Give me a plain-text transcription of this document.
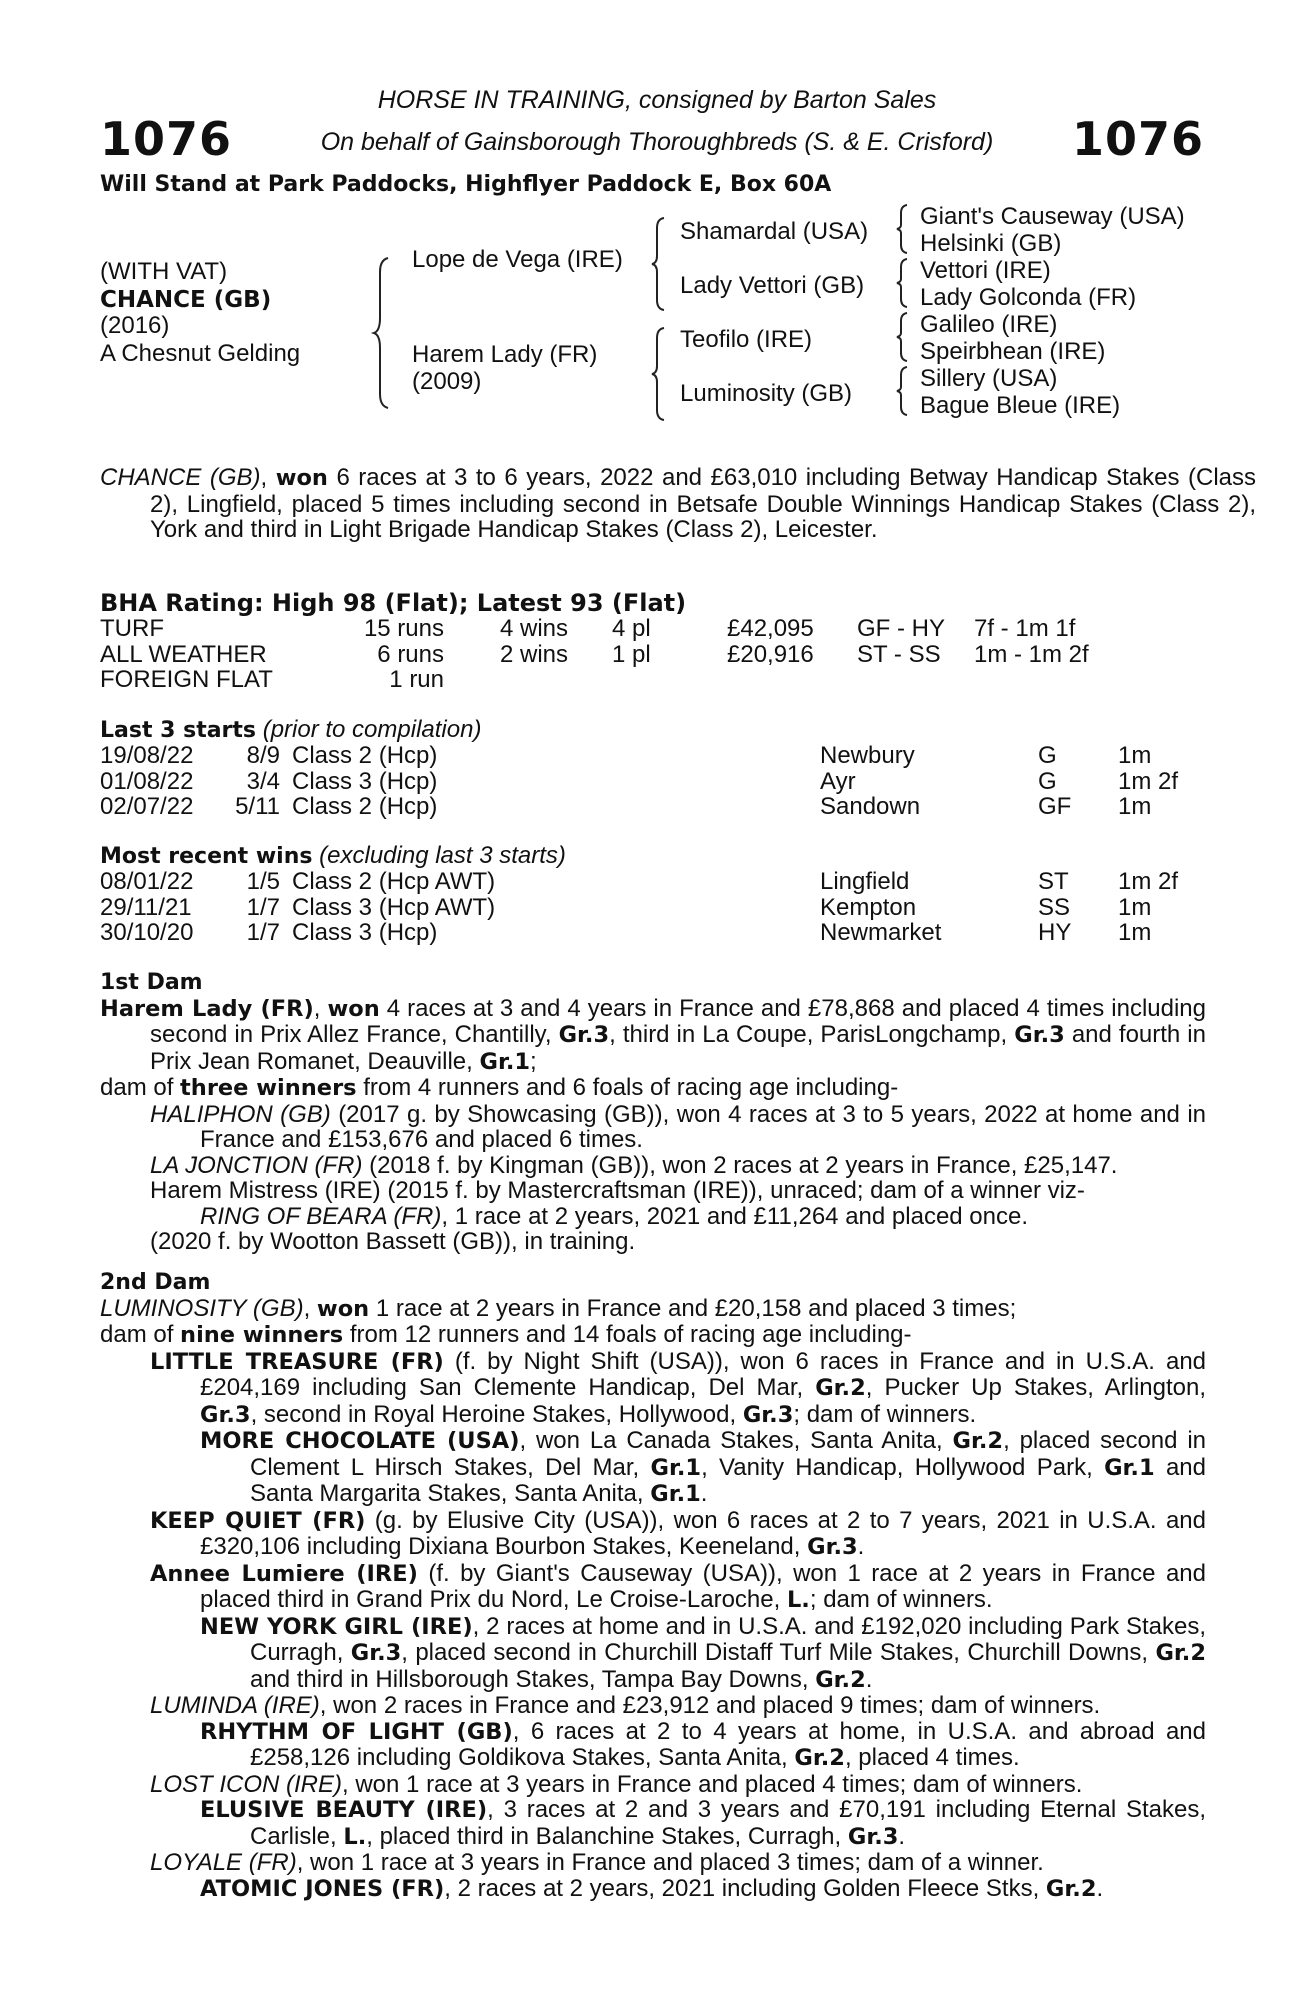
1076	1076
HORSE IN TRAINING, consigned by Barton Sales
On behalf of Gainsborough Thoroughbreds (S. & E. Crisford)
Will Stand at Park Paddocks, Highflyer Paddock E, Box 60A
(WITH VAT)
CHANCE (GB)
(2016)
A Chesnut Gelding
Lope de Vega (IRE)
Harem Lady (FR)
(2009)
Shamardal (USA)
Lady Vettori (GB)
Teofilo (IRE)
Luminosity (GB)
Giant's Causeway (USA)
Helsinki (GB)
Vettori (IRE)
Lady Golconda (FR)
Galileo (IRE)
Speirbhean (IRE)
Sillery (USA)
Bague Bleue (IRE)
CHANCE (GB), won 6 races at 3 to 6 years, 2022 and £63,010 including Betway Handicap Stakes (Class 2), Lingfield, placed 5 times including second in Betsafe Double Winnings Handicap Stakes (Class 2), York and third in Light Brigade Handicap Stakes (Class 2), Leicester.
BHA Rating: High 98 (Flat); Latest 93 (Flat)
TURF	15 runs 4 wins 4 pl	£42,095 GF - HY 7f - 1m 1f
ALL WEATHER	6 runs 2 wins 1 pl	£20,916 ST - SS 1m - 1m 2f
FOREIGN FLAT	1 run
Last 3 starts (prior to compilation)
19/08/22	8/9 Class 2 (Hcp)	Newbury	G	1m
01/08/22	3/4 Class 3 (Hcp)	Ayr	G	1m 2f
02/07/22	5/11 Class 2 (Hcp)	Sandown	GF 1m
Most recent wins (excluding last 3 starts)
08/01/22	1/5 Class 2 (Hcp AWT)	Lingfield	ST 1m 2f
29/11/21	1/7 Class 3 (Hcp AWT)	Kempton	SS 1m
30/10/20	1/7 Class 3 (Hcp)	Newmarket	HY 1m
1st Dam
Harem Lady (FR), won 4 races at 3 and 4 years in France and £78,868 and placed 4 times including second in Prix Allez France, Chantilly, Gr.3, third in La Coupe, ParisLongchamp, Gr.3 and fourth in Prix Jean Romanet, Deauville, Gr.1;
dam of three winners from 4 runners and 6 foals of racing age including-
HALIPHON (GB) (2017 g. by Showcasing (GB)), won 4 races at 3 to 5 years, 2022 at home and in France and £153,676 and placed 6 times.
LA JONCTION (FR) (2018 f. by Kingman (GB)), won 2 races at 2 years in France, £25,147.
Harem Mistress (IRE) (2015 f. by Mastercraftsman (IRE)), unraced; dam of a winner viz-
RING OF BEARA (FR), 1 race at 2 years, 2021 and £11,264 and placed once.
(2020 f. by Wootton Bassett (GB)), in training.
2nd Dam
LUMINOSITY (GB), won 1 race at 2 years in France and £20,158 and placed 3 times;
dam of nine winners from 12 runners and 14 foals of racing age including-
LITTLE TREASURE (FR) (f. by Night Shift (USA)), won 6 races in France and in U.S.A. and £204,169 including San Clemente Handicap, Del Mar, Gr.2, Pucker Up Stakes, Arlington, Gr.3, second in Royal Heroine Stakes, Hollywood, Gr.3; dam of winners.
MORE CHOCOLATE (USA), won La Canada Stakes, Santa Anita, Gr.2, placed second in Clement L Hirsch Stakes, Del Mar, Gr.1, Vanity Handicap, Hollywood Park, Gr.1 and Santa Margarita Stakes, Santa Anita, Gr.1.
KEEP QUIET (FR) (g. by Elusive City (USA)), won 6 races at 2 to 7 years, 2021 in U.S.A. and £320,106 including Dixiana Bourbon Stakes, Keeneland, Gr.3.
Annee Lumiere (IRE) (f. by Giant's Causeway (USA)), won 1 race at 2 years in France and placed third in Grand Prix du Nord, Le Croise-Laroche, L.; dam of winners.
NEW YORK GIRL (IRE), 2 races at home and in U.S.A. and £192,020 including Park Stakes, Curragh, Gr.3, placed second in Churchill Distaff Turf Mile Stakes, Churchill Downs, Gr.2 and third in Hillsborough Stakes, Tampa Bay Downs, Gr.2.
LUMINDA (IRE), won 2 races in France and £23,912 and placed 9 times; dam of winners.
RHYTHM OF LIGHT (GB), 6 races at 2 to 4 years at home, in U.S.A. and abroad and £258,126 including Goldikova Stakes, Santa Anita, Gr.2, placed 4 times.
LOST ICON (IRE), won 1 race at 3 years in France and placed 4 times; dam of winners.
ELUSIVE BEAUTY (IRE), 3 races at 2 and 3 years and £70,191 including Eternal Stakes, Carlisle, L., placed third in Balanchine Stakes, Curragh, Gr.3.
LOYALE (FR), won 1 race at 3 years in France and placed 3 times; dam of a winner.
ATOMIC JONES (FR), 2 races at 2 years, 2021 including Golden Fleece Stks, Gr.2.
